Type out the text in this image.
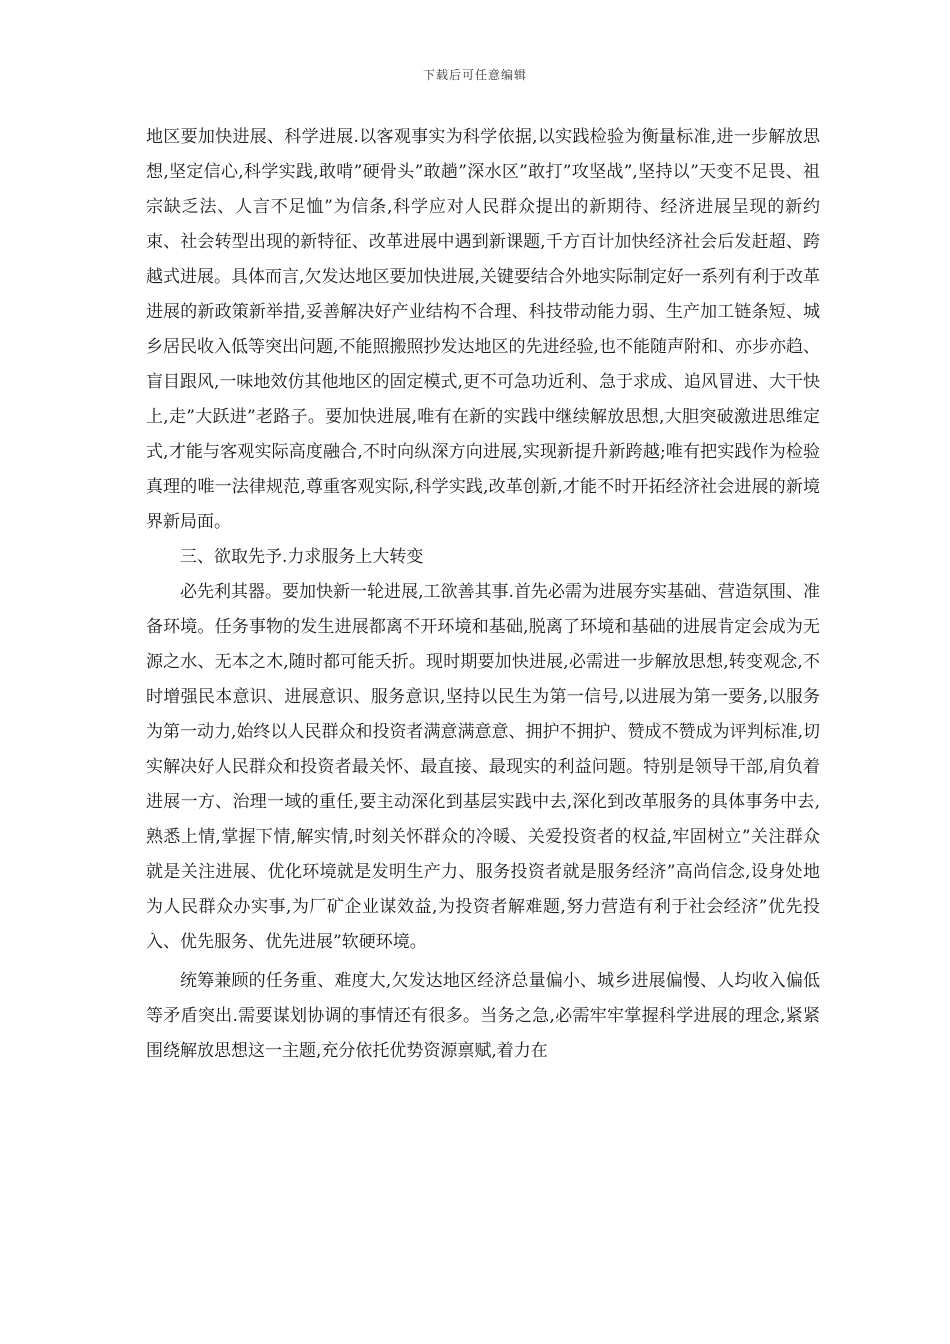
下载后可任意编辑

地区要加快进展、科学进展.以客观事实为科学依据,以实践检验为衡量标准,进一步解放思想,坚定信心,科学实践,敢啃”硬骨头”敢趟”深水区”敢打”攻坚战”,坚持以”天变不足畏、祖宗缺乏法、人言不足恤”为信条,科学应对人民群众提出的新期待、经济进展呈现的新约束、社会转型出现的新特征、改革进展中遇到新课题,千方百计加快经济社会后发赶超、跨越式进展。具体而言,欠发达地区要加快进展,关键要结合外地实际制定好一系列有利于改革进展的新政策新举措,妥善解决好产业结构不合理、科技带动能力弱、生产加工链条短、城乡居民收入低等突出问题,不能照搬照抄发达地区的先进经验,也不能随声附和、亦步亦趋、盲目跟风,一味地效仿其他地区的固定模式,更不可急功近利、急于求成、追风冒进、大干快上,走”大跃进”老路子。要加快进展,唯有在新的实践中继续解放思想,大胆突破激进思维定式,才能与客观实际高度融合,不时向纵深方向进展,实现新提升新跨越;唯有把实践作为检验真理的唯一法律规范,尊重客观实际,科学实践,改革创新,才能不时开拓经济社会进展的新境界新局面。

三、欲取先予.力求服务上大转变

必先利其器。要加快新一轮进展,工欲善其事.首先必需为进展夯实基础、营造氛围、准备环境。任务事物的发生进展都离不开环境和基础,脱离了环境和基础的进展肯定会成为无源之水、无本之木,随时都可能夭折。现时期要加快进展,必需进一步解放思想,转变观念,不时增强民本意识、进展意识、服务意识,坚持以民生为第一信号,以进展为第一要务,以服务为第一动力,始终以人民群众和投资者满意满意意、拥护不拥护、赞成不赞成为评判标准,切实解决好人民群众和投资者最关怀、最直接、最现实的利益问题。特别是领导干部,肩负着进展一方、治理一域的重任,要主动深化到基层实践中去,深化到改革服务的具体事务中去,熟悉上情,掌握下情,解实情,时刻关怀群众的冷暖、关爱投资者的权益,牢固树立”关注群众就是关注进展、优化环境就是发明生产力、服务投资者就是服务经济”高尚信念,设身处地为人民群众办实事,为厂矿企业谋效益,为投资者解难题,努力营造有利于社会经济”优先投入、优先服务、优先进展”软硬环境。

统筹兼顾的任务重、难度大,欠发达地区经济总量偏小、城乡进展偏慢、人均收入偏低等矛盾突出.需要谋划协调的事情还有很多。当务之急,必需牢牢掌握科学进展的理念,紧紧围绕解放思想这一主题,充分依托优势资源禀赋,着力在
